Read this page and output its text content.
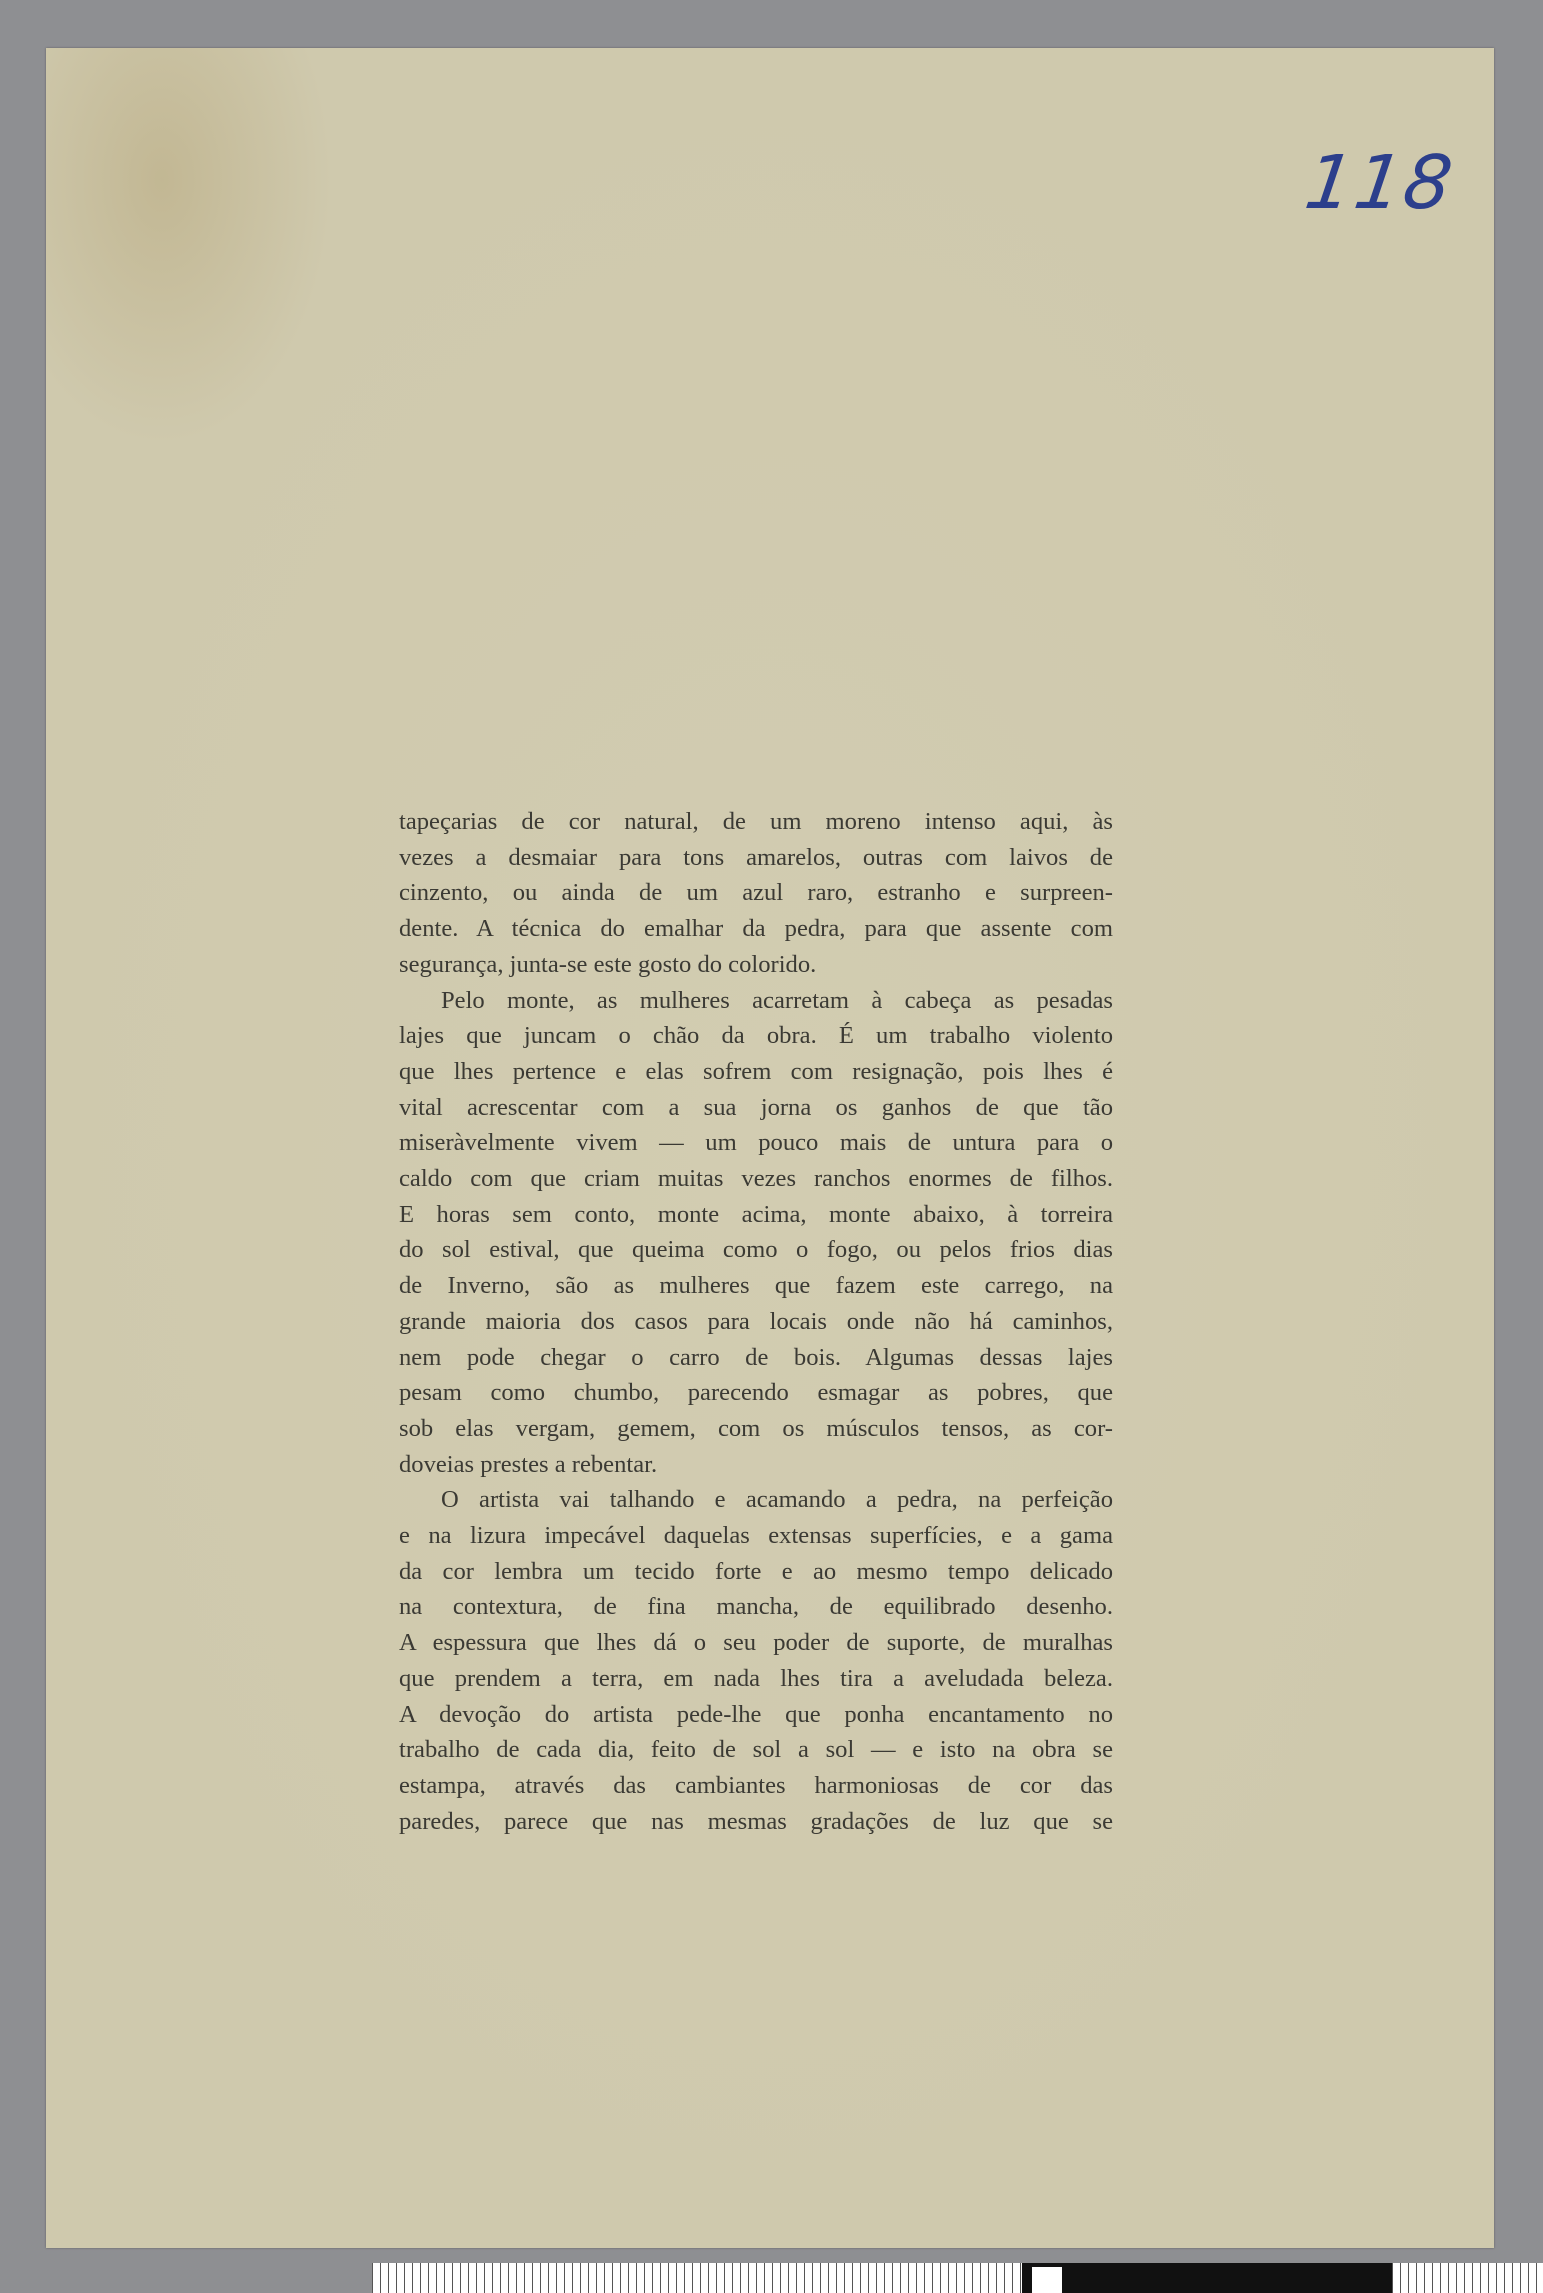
118

tapeçarias de cor natural, de um moreno intenso aqui, às
vezes a desmaiar para tons amarelos, outras com laivos de
cinzento, ou ainda de um azul raro, estranho e surpreen-
dente. A técnica do emalhar da pedra, para que assente com
segurança, junta-se este gosto do colorido.

Pelo monte, as mulheres acarretam à cabeça as pesadas
lajes que juncam o chão da obra. É um trabalho violento
que lhes pertence e elas sofrem com resignação, pois lhes é
vital acrescentar com a sua jorna os ganhos de que tão
miseràvelmente vivem — um pouco mais de untura para o
caldo com que criam muitas vezes ranchos enormes de filhos.
E horas sem conto, monte acima, monte abaixo, à torreira
do sol estival, que queima como o fogo, ou pelos frios dias
de Inverno, são as mulheres que fazem este carrego, na
grande maioria dos casos para locais onde não há caminhos,
nem pode chegar o carro de bois. Algumas dessas lajes
pesam como chumbo, parecendo esmagar as pobres, que
sob elas vergam, gemem, com os músculos tensos, as cor-
doveias prestes a rebentar.

O artista vai talhando e acamando a pedra, na perfeição
e na lizura impecável daquelas extensas superfícies, e a gama
da cor lembra um tecido forte e ao mesmo tempo delicado
na contextura, de fina mancha, de equilibrado desenho.
A espessura que lhes dá o seu poder de suporte, de muralhas
que prendem a terra, em nada lhes tira a aveludada beleza.
A devoção do artista pede-lhe que ponha encantamento no
trabalho de cada dia, feito de sol a sol — e isto na obra se
estampa, através das cambiantes harmoniosas de cor das
paredes, parece que nas mesmas gradações de luz que se
